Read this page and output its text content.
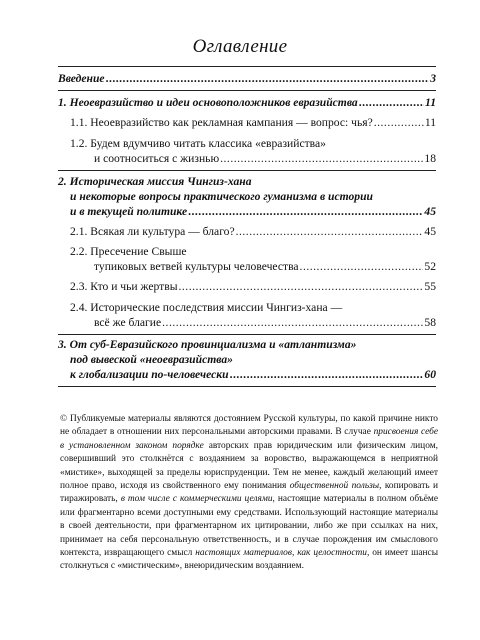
Оглавление
Введение .....	3
1. Неоевразийство и идеи основоположников евразийства .....	11
1.1. Неоевразийство как рекламная кампания — вопрос: чья? .....	11
1.2. Будем вдумчиво читать классика «евразийства»
и соотноситься с жизнью .....	18
2. Историческая миссия Чингиз-хана
и некоторые вопросы практического гуманизма в истории
и в текущей политике .....	45
2.1. Всякая ли культура — благо? .....	45
2.2. Пресечение Свыше
тупиковых ветвей культуры человечества .....	52
2.3. Кто и чьи жертвы .....	55
2.4. Исторические последствия миссии Чингиз-хана —
всё же благие .....	58
3. От суб-Евразийского провинциализма и «атлантизма»
под вывеской «неоевразийства»
к глобализации по-человечески .....	60

© Публикуемые материалы являются достоянием Русской культуры, по какой причине никто не обладает в отношении них персональными авторскими правами. В случае присвоения себе в установленном законом порядке авторских прав юридическим или физическим лицом, совершивший это столкнётся с воздаянием за воровство, выражающемся в неприятной «мистике», выходящей за пределы юриспруденции. Тем не менее, каждый желающий имеет полное право, исходя из свойственного ему понимания общественной пользы, копировать и тиражировать, в том числе с коммерческими целями, настоящие материалы в полном объёме или фрагментарно всеми доступными ему средствами. Использующий настоящие материалы в своей деятельности, при фрагментарном их цитировании, либо же при ссылках на них, принимает на себя персональную ответственность, и в случае порождения им смыслового контекста, извращающего смысл настоящих материалов, как целостности, он имеет шансы столкнуться с «мистическим», внеюридическим воздаянием.
